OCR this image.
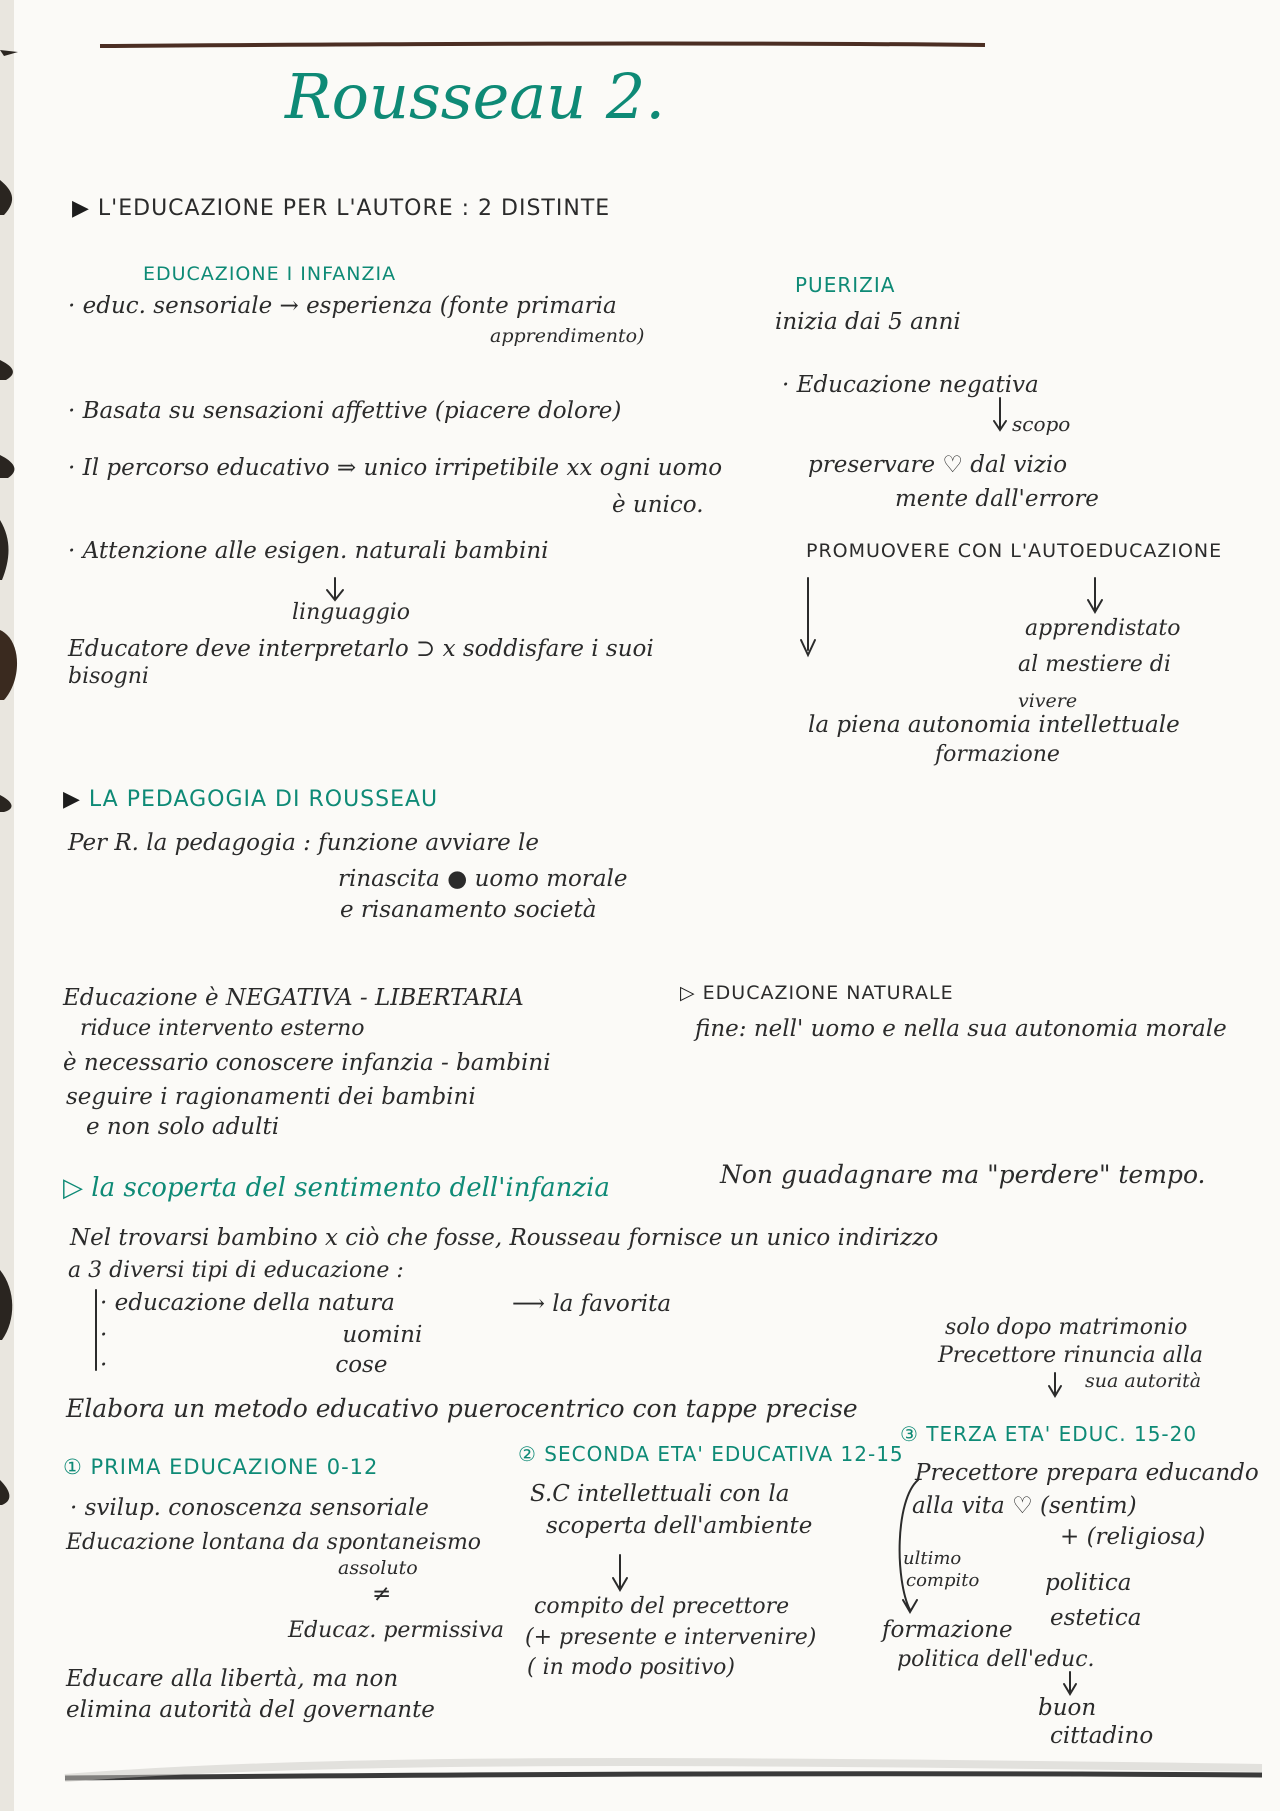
Rousseau 2.
▶ L'EDUCAZIONE PER L'AUTORE : 2 DISTINTE
EDUCAZIONE I INFANZIA
· educ. sensoriale → esperienza (fonte primaria
apprendimento)
· Basata su sensazioni affettive (piacere dolore)
· Il percorso educativo ⇒ unico irripetibile xx ogni uomo
è unico.
· Attenzione alle esigen. naturali bambini
linguaggio
Educatore deve interpretarlo ⊃ x soddisfare i suoi
bisogni
PUERIZIA
inizia dai 5 anni
· Educazione negativa
scopo
preservare ♡ dal vizio
mente dall'errore
PROMUOVERE CON L'AUTOEDUCAZIONE
apprendistato
al mestiere di
vivere
la piena autonomia intellettuale
formazione
▶ LA PEDAGOGIA DI ROUSSEAU
Per R. la pedagogia : funzione avviare le
rinascita ● uomo morale
e risanamento società
Educazione è NEGATIVA - LIBERTARIA
riduce intervento esterno
è necessario conoscere infanzia - bambini
seguire i ragionamenti dei bambini
e non solo adulti
▷ EDUCAZIONE NATURALE
fine: nell' uomo e nella sua autonomia morale
▷ la scoperta del sentimento dell'infanzia	Non guadagnare ma "perdere" tempo.
Nel trovarsi bambino x ciò che fosse, Rousseau fornisce un unico indirizzo
a 3 diversi tipi di educazione :
· educazione della natura	⟶ la favorita
·	uomini
·	cose
solo dopo matrimonio
Precettore rinuncia alla
sua autorità
Elabora un metodo educativo puerocentrico con tappe precise
① PRIMA EDUCAZIONE 0-12
· svilup. conoscenza sensoriale
Educazione lontana da spontaneismo
assoluto
≠
Educaz. permissiva
Educare alla libertà, ma non
elimina autorità del governante
② SECONDA ETA' EDUCATIVA 12-15
S.C intellettuali con la
scoperta dell'ambiente
compito del precettore
(+ presente e intervenire)
( in modo positivo)
③ TERZA ETA' EDUC. 15-20
Precettore prepara educando
alla vita ♡ (sentim)
+ (religiosa)
ultimo
compito	politica
estetica
formazione
politica dell'educ.
buon
cittadino
